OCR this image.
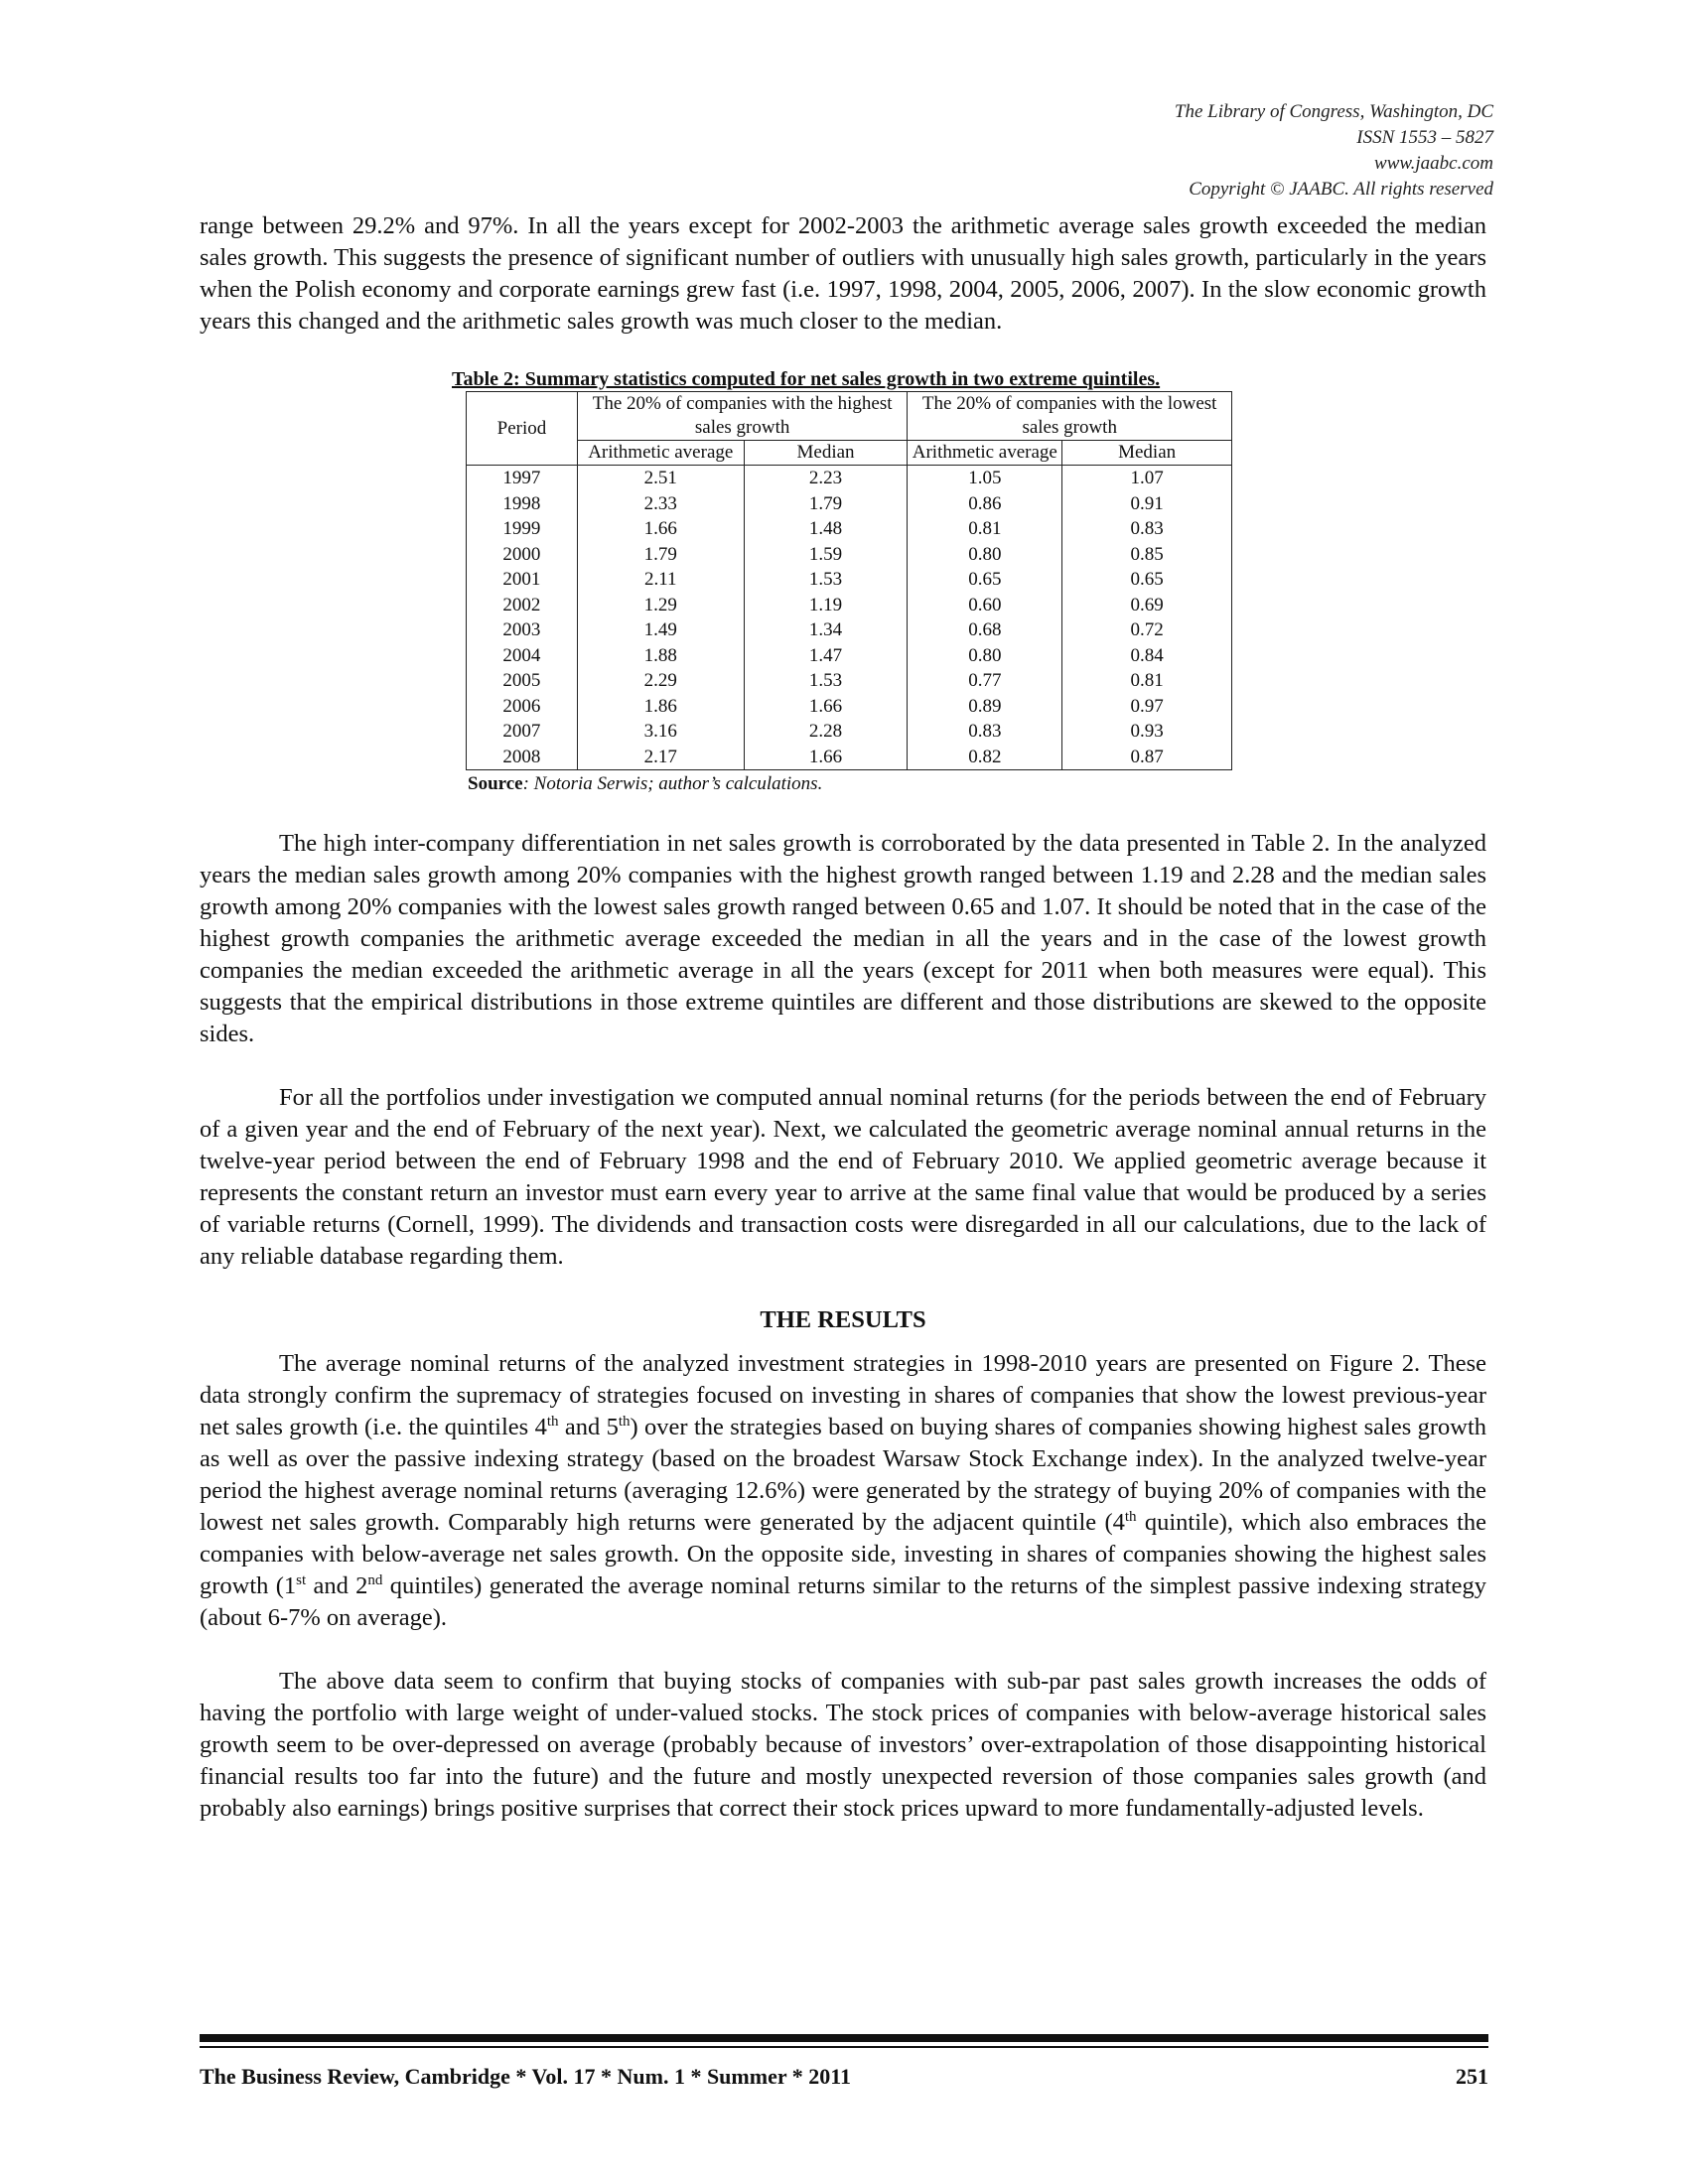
The Library of Congress, Washington, DC
ISSN 1553 – 5827
www.jaabc.com
Copyright © JAABC. All rights reserved

range between 29.2% and 97%. In all the years except for 2002-2003 the arithmetic average sales growth exceeded the median sales growth. This suggests the presence of significant number of outliers with unusually high sales growth, particularly in the years when the Polish economy and corporate earnings grew fast (i.e. 1997, 1998, 2004, 2005, 2006, 2007). In the slow economic growth years this changed and the arithmetic sales growth was much closer to the median.

Table 2: Summary statistics computed for net sales growth in two extreme quintiles.
Period	The 20% of companies with the highest sales growth		The 20% of companies with the lowest sales growth	
	Arithmetic average	Median	Arithmetic average	Median
1997	2.51	2.23	1.05	1.07
1998	2.33	1.79	0.86	0.91
1999	1.66	1.48	0.81	0.83
2000	1.79	1.59	0.80	0.85
2001	2.11	1.53	0.65	0.65
2002	1.29	1.19	0.60	0.69
2003	1.49	1.34	0.68	0.72
2004	1.88	1.47	0.80	0.84
2005	2.29	1.53	0.77	0.81
2006	1.86	1.66	0.89	0.97
2007	3.16	2.28	0.83	0.93
2008	2.17	1.66	0.82	0.87
Source: Notoria Serwis; author’s calculations.

The high inter-company differentiation in net sales growth is corroborated by the data presented in Table 2. In the analyzed years the median sales growth among 20% companies with the highest growth ranged between 1.19 and 2.28 and the median sales growth among 20% companies with the lowest sales growth ranged between 0.65 and 1.07. It should be noted that in the case of the highest growth companies the arithmetic average exceeded the median in all the years and in the case of the lowest growth companies the median exceeded the arithmetic average in all the years (except for 2011 when both measures were equal). This suggests that the empirical distributions in those extreme quintiles are different and those distributions are skewed to the opposite sides.

For all the portfolios under investigation we computed annual nominal returns (for the periods between the end of February of a given year and the end of February of the next year). Next, we calculated the geometric average nominal annual returns in the twelve-year period between the end of February 1998 and the end of February 2010. We applied geometric average because it represents the constant return an investor must earn every year to arrive at the same final value that would be produced by a series of variable returns (Cornell, 1999). The dividends and transaction costs were disregarded in all our calculations, due to the lack of any reliable database regarding them.

THE RESULTS

The average nominal returns of the analyzed investment strategies in 1998-2010 years are presented on Figure 2. These data strongly confirm the supremacy of strategies focused on investing in shares of companies that show the lowest previous-year net sales growth (i.e. the quintiles 4th and 5th) over the strategies based on buying shares of companies showing highest sales growth as well as over the passive indexing strategy (based on the broadest Warsaw Stock Exchange index). In the analyzed twelve-year period the highest average nominal returns (averaging 12.6%) were generated by the strategy of buying 20% of companies with the lowest net sales growth. Comparably high returns were generated by the adjacent quintile (4th quintile), which also embraces the companies with below-average net sales growth. On the opposite side, investing in shares of companies showing the highest sales growth (1st and 2nd quintiles) generated the average nominal returns similar to the returns of the simplest passive indexing strategy (about 6-7% on average).

The above data seem to confirm that buying stocks of companies with sub-par past sales growth increases the odds of having the portfolio with large weight of under-valued stocks. The stock prices of companies with below-average historical sales growth seem to be over-depressed on average (probably because of investors’ over-extrapolation of those disappointing historical financial results too far into the future) and the future and mostly unexpected reversion of those companies sales growth (and probably also earnings) brings positive surprises that correct their stock prices upward to more fundamentally-adjusted levels.

The Business Review, Cambridge * Vol. 17 * Num. 1 * Summer * 2011	251
